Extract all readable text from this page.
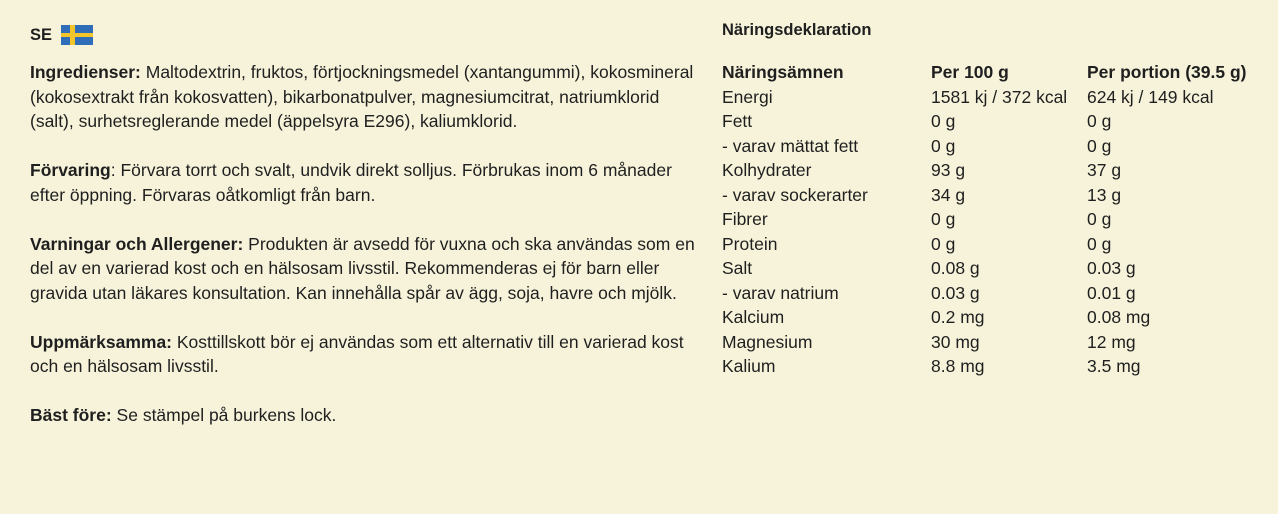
SE

Ingredienser: Maltodextrin, fruktos, förtjockningsmedel (xantangummi), kokosmineral (kokosextrakt från kokosvatten), bikarbonatpulver, magnesiumcitrat, natriumklorid (salt), surhetsreglerande medel (äppelsyra E296), kaliumklorid.

Förvaring: Förvara torrt och svalt, undvik direkt solljus. Förbrukas inom 6 månader efter öppning. Förvaras oåtkomligt från barn.

Varningar och Allergener: Produkten är avsedd för vuxna och ska användas som en del av en varierad kost och en hälsosam livsstil. Rekommenderas ej för barn eller gravida utan läkares konsultation. Kan innehålla spår av ägg, soja, havre och mjölk.

Uppmärksamma: Kosttillskott bör ej användas som ett alternativ till en varierad kost och en hälsosam livsstil.

Bäst före: Se stämpel på burkens lock.

Näringsdeklaration
Näringsämnen	Per 100 g	Per portion (39.5 g)
Energi	1581 kj / 372 kcal	624 kj / 149 kcal
Fett	0 g	0 g
- varav mättat fett	0 g	0 g
Kolhydrater	93 g	37 g
- varav sockerarter	34 g	13 g
Fibrer	0 g	0 g
Protein	0 g	0 g
Salt	0.08 g	0.03 g
- varav natrium	0.03 g	0.01 g
Kalcium	0.2 mg	0.08 mg
Magnesium	30 mg	12 mg
Kalium	8.8 mg	3.5 mg
